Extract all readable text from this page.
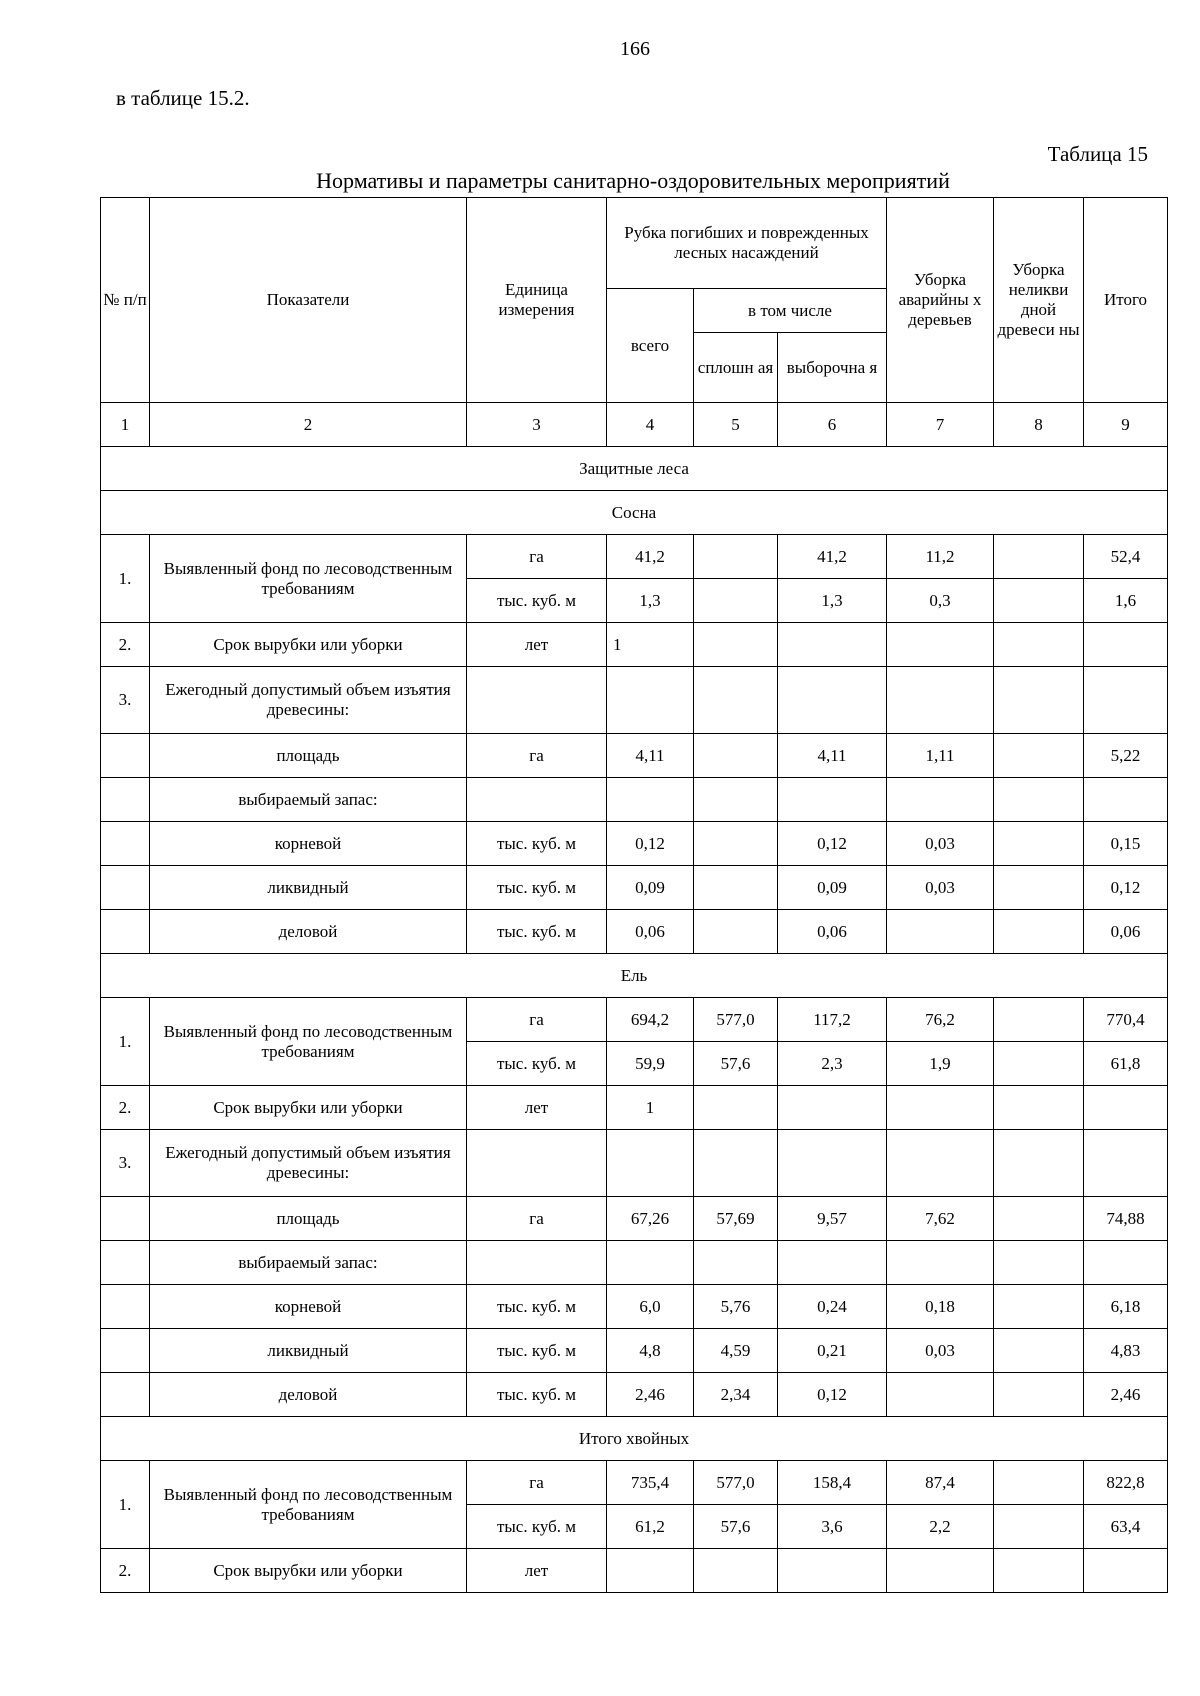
166
в таблице 15.2.
Таблица 15
Нормативы и параметры санитарно-оздоровительных мероприятий
№ п/п	Показатели	Единица измерения	Рубка погибших и поврежденных лесных насаждений			Уборка аварийны х деревьев	Уборка неликви дной древеси ны	Итого
			всего	в том числе				
				сплошн ая	выборочна я			
1	2	3	4	5	6	7	8	9
Защитные леса								
Сосна								
1.	Выявленный фонд по лесоводственным требованиям	га	41,2		41,2	11,2		52,4
		тыс. куб. м	1,3		1,3	0,3		1,6
2.	Срок вырубки или уборки	лет	1					
3.	Ежегодный допустимый объем изъятия древесины:							
	площадь	га	4,11		4,11	1,11		5,22
	выбираемый запас:							
	корневой	тыс. куб. м	0,12		0,12	0,03		0,15
	ликвидный	тыс. куб. м	0,09		0,09	0,03		0,12
	деловой	тыс. куб. м	0,06		0,06			0,06
Ель								
1.	Выявленный фонд по лесоводственным требованиям	га	694,2	577,0	117,2	76,2		770,4
		тыс. куб. м	59,9	57,6	2,3	1,9		61,8
2.	Срок вырубки или уборки	лет	1					
3.	Ежегодный допустимый объем изъятия древесины:							
	площадь	га	67,26	57,69	9,57	7,62		74,88
	выбираемый запас:							
	корневой	тыс. куб. м	6,0	5,76	0,24	0,18		6,18
	ликвидный	тыс. куб. м	4,8	4,59	0,21	0,03		4,83
	деловой	тыс. куб. м	2,46	2,34	0,12			2,46
Итого хвойных								
1.	Выявленный фонд по лесоводственным требованиям	га	735,4	577,0	158,4	87,4		822,8
		тыс. куб. м	61,2	57,6	3,6	2,2		63,4
2.	Срок вырубки или уборки	лет						
